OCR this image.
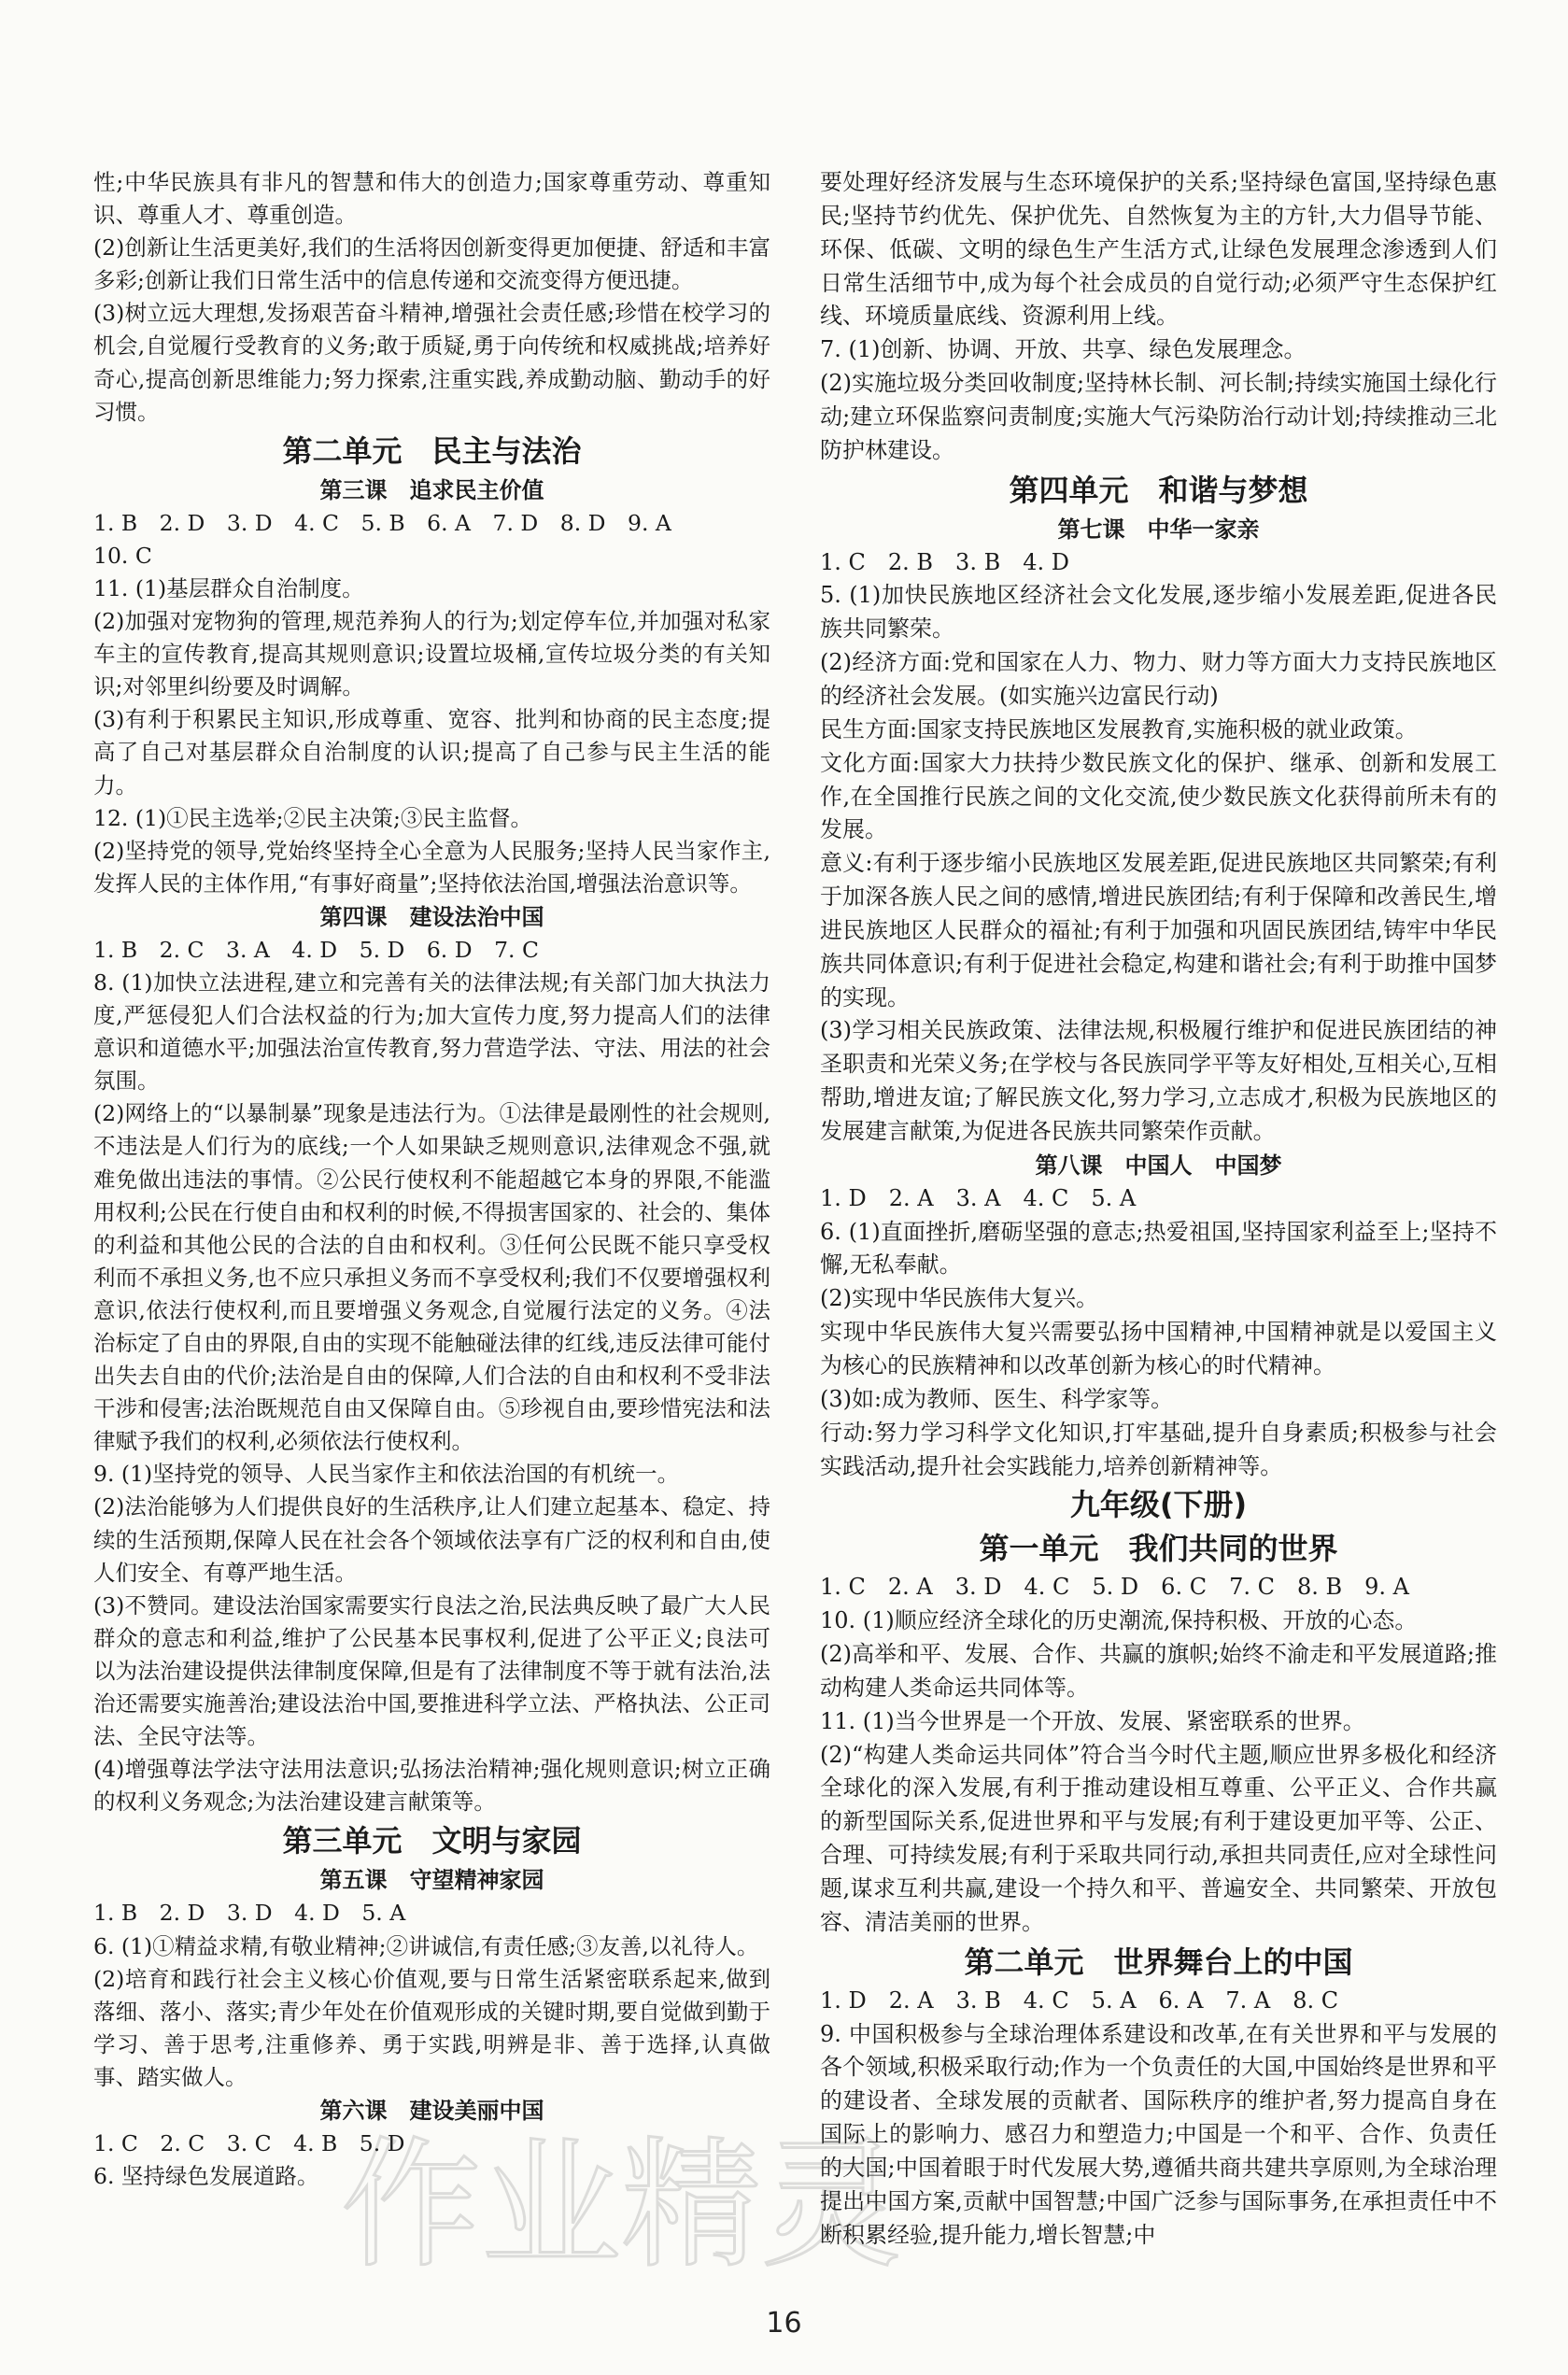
性;中华民族具有非凡的智慧和伟大的创造力;国家尊重劳动、尊重知识、尊重人才、尊重创造。

(2)创新让生活更美好,我们的生活将因创新变得更加便捷、舒适和丰富多彩;创新让我们日常生活中的信息传递和交流变得方便迅捷。

(3)树立远大理想,发扬艰苦奋斗精神,增强社会责任感;珍惜在校学习的机会,自觉履行受教育的义务;敢于质疑,勇于向传统和权威挑战;培养好奇心,提高创新思维能力;努力探索,注重实践,养成勤动脑、勤动手的好习惯。

第二单元　民主与法治

第三课　追求民主价值

1. B　2. D　3. D　4. C　5. B　6. A　7. D　8. D　9. A

10. C

11. (1)基层群众自治制度。

(2)加强对宠物狗的管理,规范养狗人的行为;划定停车位,并加强对私家车主的宣传教育,提高其规则意识;设置垃圾桶,宣传垃圾分类的有关知识;对邻里纠纷要及时调解。

(3)有利于积累民主知识,形成尊重、宽容、批判和协商的民主态度;提高了自己对基层群众自治制度的认识;提高了自己参与民主生活的能力。

12. (1)①民主选举;②民主决策;③民主监督。

(2)坚持党的领导,党始终坚持全心全意为人民服务;坚持人民当家作主,发挥人民的主体作用,“有事好商量”;坚持依法治国,增强法治意识等。

第四课　建设法治中国

1. B　2. C　3. A　4. D　5. D　6. D　7. C

8. (1)加快立法进程,建立和完善有关的法律法规;有关部门加大执法力度,严惩侵犯人们合法权益的行为;加大宣传力度,努力提高人们的法律意识和道德水平;加强法治宣传教育,努力营造学法、守法、用法的社会氛围。

(2)网络上的“以暴制暴”现象是违法行为。①法律是最刚性的社会规则,不违法是人们行为的底线;一个人如果缺乏规则意识,法律观念不强,就难免做出违法的事情。②公民行使权利不能超越它本身的界限,不能滥用权利;公民在行使自由和权利的时候,不得损害国家的、社会的、集体的利益和其他公民的合法的自由和权利。③任何公民既不能只享受权利而不承担义务,也不应只承担义务而不享受权利;我们不仅要增强权利意识,依法行使权利,而且要增强义务观念,自觉履行法定的义务。④法治标定了自由的界限,自由的实现不能触碰法律的红线,违反法律可能付出失去自由的代价;法治是自由的保障,人们合法的自由和权利不受非法干涉和侵害;法治既规范自由又保障自由。⑤珍视自由,要珍惜宪法和法律赋予我们的权利,必须依法行使权利。

9. (1)坚持党的领导、人民当家作主和依法治国的有机统一。

(2)法治能够为人们提供良好的生活秩序,让人们建立起基本、稳定、持续的生活预期,保障人民在社会各个领域依法享有广泛的权利和自由,使人们安全、有尊严地生活。

(3)不赞同。建设法治国家需要实行良法之治,民法典反映了最广大人民群众的意志和利益,维护了公民基本民事权利,促进了公平正义;良法可以为法治建设提供法律制度保障,但是有了法律制度不等于就有法治,法治还需要实施善治;建设法治中国,要推进科学立法、严格执法、公正司法、全民守法等。

(4)增强尊法学法守法用法意识;弘扬法治精神;强化规则意识;树立正确的权利义务观念;为法治建设建言献策等。

第三单元　文明与家园

第五课　守望精神家园

1. B　2. D　3. D　4. D　5. A

6. (1)①精益求精,有敬业精神;②讲诚信,有责任感;③友善,以礼待人。

(2)培育和践行社会主义核心价值观,要与日常生活紧密联系起来,做到落细、落小、落实;青少年处在价值观形成的关键时期,要自觉做到勤于学习、善于思考,注重修养、勇于实践,明辨是非、善于选择,认真做事、踏实做人。

第六课　建设美丽中国

1. C　2. C　3. C　4. B　5. D

6. 坚持绿色发展道路。

要处理好经济发展与生态环境保护的关系;坚持绿色富国,坚持绿色惠民;坚持节约优先、保护优先、自然恢复为主的方针,大力倡导节能、环保、低碳、文明的绿色生产生活方式,让绿色发展理念渗透到人们日常生活细节中,成为每个社会成员的自觉行动;必须严守生态保护红线、环境质量底线、资源利用上线。

7. (1)创新、协调、开放、共享、绿色发展理念。

(2)实施垃圾分类回收制度;坚持林长制、河长制;持续实施国土绿化行动;建立环保监察问责制度;实施大气污染防治行动计划;持续推动三北防护林建设。

第四单元　和谐与梦想

第七课　中华一家亲

1. C　2. B　3. B　4. D

5. (1)加快民族地区经济社会文化发展,逐步缩小发展差距,促进各民族共同繁荣。

(2)经济方面:党和国家在人力、物力、财力等方面大力支持民族地区的经济社会发展。(如实施兴边富民行动)

民生方面:国家支持民族地区发展教育,实施积极的就业政策。

文化方面:国家大力扶持少数民族文化的保护、继承、创新和发展工作,在全国推行民族之间的文化交流,使少数民族文化获得前所未有的发展。

意义:有利于逐步缩小民族地区发展差距,促进民族地区共同繁荣;有利于加深各族人民之间的感情,增进民族团结;有利于保障和改善民生,增进民族地区人民群众的福祉;有利于加强和巩固民族团结,铸牢中华民族共同体意识;有利于促进社会稳定,构建和谐社会;有利于助推中国梦的实现。

(3)学习相关民族政策、法律法规,积极履行维护和促进民族团结的神圣职责和光荣义务;在学校与各民族同学平等友好相处,互相关心,互相帮助,增进友谊;了解民族文化,努力学习,立志成才,积极为民族地区的发展建言献策,为促进各民族共同繁荣作贡献。

第八课　中国人　中国梦

1. D　2. A　3. A　4. C　5. A

6. (1)直面挫折,磨砺坚强的意志;热爱祖国,坚持国家利益至上;坚持不懈,无私奉献。

(2)实现中华民族伟大复兴。

实现中华民族伟大复兴需要弘扬中国精神,中国精神就是以爱国主义为核心的民族精神和以改革创新为核心的时代精神。

(3)如:成为教师、医生、科学家等。

行动:努力学习科学文化知识,打牢基础,提升自身素质;积极参与社会实践活动,提升社会实践能力,培养创新精神等。

九年级(下册)

第一单元　我们共同的世界

1. C　2. A　3. D　4. C　5. D　6. C　7. C　8. B　9. A

10. (1)顺应经济全球化的历史潮流,保持积极、开放的心态。

(2)高举和平、发展、合作、共赢的旗帜;始终不渝走和平发展道路;推动构建人类命运共同体等。

11. (1)当今世界是一个开放、发展、紧密联系的世界。

(2)“构建人类命运共同体”符合当今时代主题,顺应世界多极化和经济全球化的深入发展,有利于推动建设相互尊重、公平正义、合作共赢的新型国际关系,促进世界和平与发展;有利于建设更加平等、公正、合理、可持续发展;有利于采取共同行动,承担共同责任,应对全球性问题,谋求互利共赢,建设一个持久和平、普遍安全、共同繁荣、开放包容、清洁美丽的世界。

第二单元　世界舞台上的中国

1. D　2. A　3. B　4. C　5. A　6. A　7. A　8. C

9. 中国积极参与全球治理体系建设和改革,在有关世界和平与发展的各个领域,积极采取行动;作为一个负责任的大国,中国始终是世界和平的建设者、全球发展的贡献者、国际秩序的维护者,努力提高自身在国际上的影响力、感召力和塑造力;中国是一个和平、合作、负责任的大国;中国着眼于时代发展大势,遵循共商共建共享原则,为全球治理提出中国方案,贡献中国智慧;中国广泛参与国际事务,在承担责任中不断积累经验,提升能力,增长智慧;中

作业精灵
16
